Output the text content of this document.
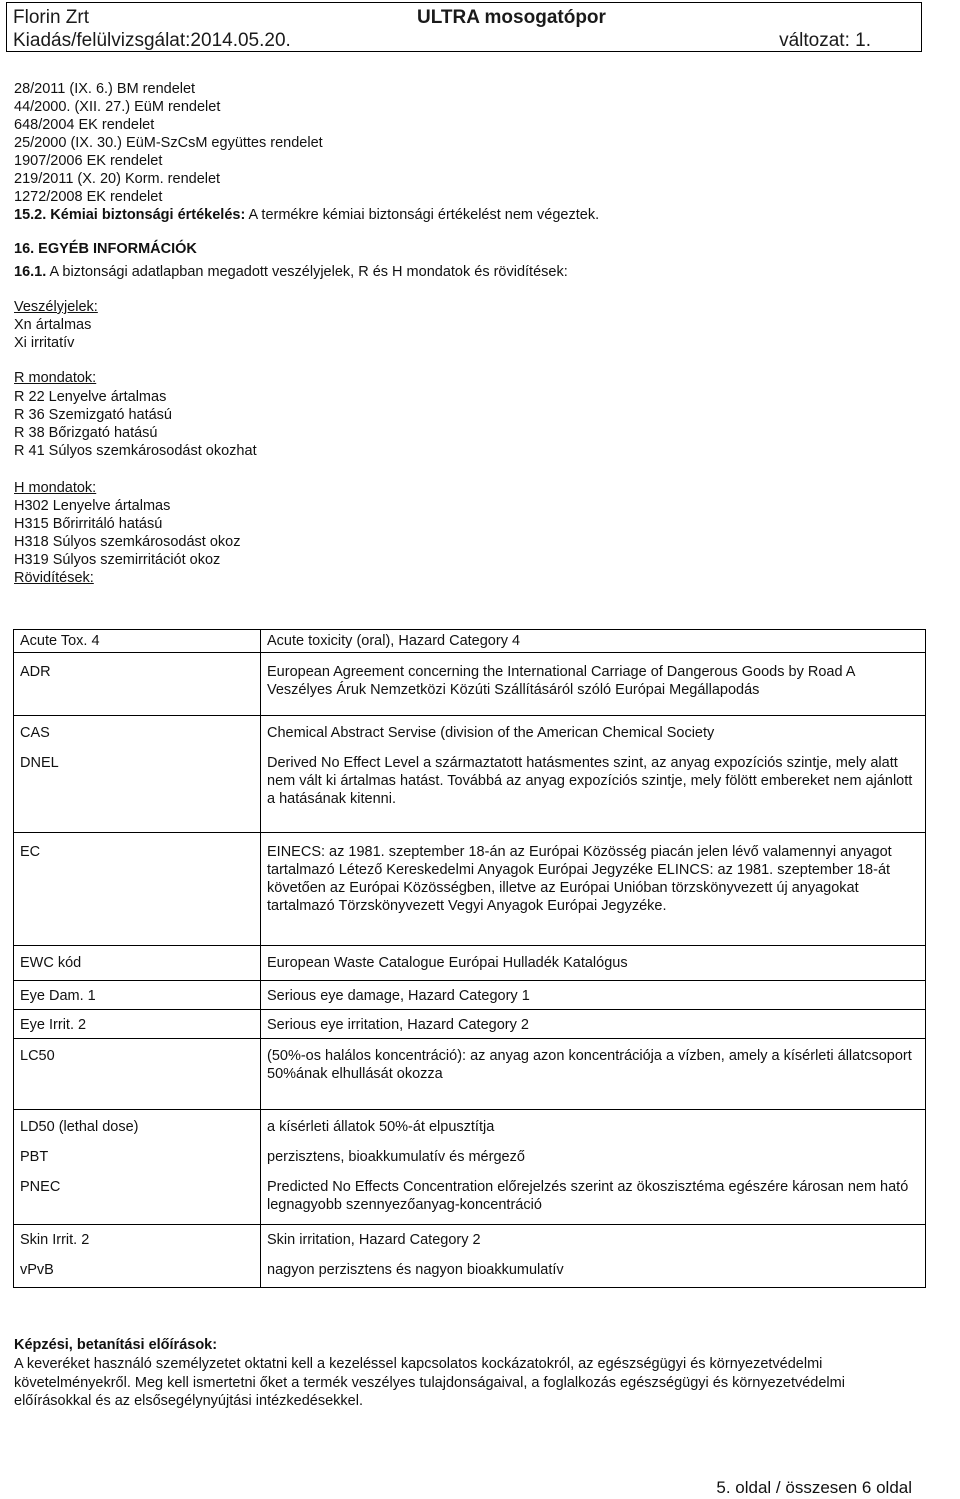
Florin Zrt	ULTRA mosogatópor
Kiadás/felülvizsgálat:2014.05.20.	változat: 1.
28/2011 (IX. 6.) BM rendelet
44/2000. (XII. 27.) EüM rendelet
648/2004 EK rendelet
25/2000 (IX. 30.) EüM-SzCsM együttes rendelet
1907/2006 EK rendelet
219/2011 (X. 20) Korm. rendelet
1272/2008 EK rendelet
15.2. Kémiai biztonsági értékelés: A termékre kémiai biztonsági értékelést nem végeztek.
16. EGYÉB INFORMÁCIÓK
16.1. A biztonsági adatlapban megadott veszélyjelek, R és H mondatok és rövidítések:
Veszélyjelek:
Xn ártalmas
Xi irritatív
R mondatok:
R 22 Lenyelve ártalmas
R 36 Szemizgató hatású
R 38 Bőrizgató hatású
R 41 Súlyos szemkárosodást okozhat
H mondatok:
H302 Lenyelve ártalmas
H315 Bőrirritáló hatású
H318 Súlyos szemkárosodást okoz
H319 Súlyos szemirritációt okoz
Rövidítések:
Acute Tox. 4	Acute toxicity (oral), Hazard Category 4
ADR	European Agreement concerning the International Carriage of Dangerous Goods by Road A Veszélyes Áruk Nemzetközi Közúti Szállításáról szóló Európai Megállapodás
CAS	Chemical Abstract Servise (division of the American Chemical Society
DNEL	Derived No Effect Level a származtatott hatásmentes szint, az anyag expozíciós szintje, mely alatt nem vált ki ártalmas hatást. Továbbá az anyag expozíciós szintje, mely fölött embereket nem ajánlott a hatásának kitenni.
EC	EINECS: az 1981. szeptember 18-án az Európai Közösség piacán jelen lévő valamennyi anyagot tartalmazó Létező Kereskedelmi Anyagok Európai Jegyzéke ELINCS: az 1981. szeptember 18-át követően az Európai Közösségben, illetve az Európai Unióban törzskönyvezett új anyagokat tartalmazó Törzskönyvezett Vegyi Anyagok Európai Jegyzéke.
EWC kód	European Waste Catalogue Európai Hulladék Katalógus
Eye Dam. 1	Serious eye damage, Hazard Category 1
Eye Irrit. 2	Serious eye irritation, Hazard Category 2
LC50	(50%-os halálos koncentráció): az anyag azon koncentrációja a vízben, amely a kísérleti állatcsoport 50%ának elhullását okozza
LD50 (lethal dose)	a kísérleti állatok 50%-át elpusztítja
PBT	perzisztens, bioakkumulatív és mérgező
PNEC	Predicted No Effects Concentration előrejelzés szerint az ökoszisztéma egészére károsan nem ható legnagyobb szennyezőanyag-koncentráció
Skin Irrit. 2	Skin irritation, Hazard Category 2
vPvB	nagyon perzisztens és nagyon bioakkumulatív
Képzési, betanítási előírások:
A keveréket használó személyzetet oktatni kell a kezeléssel kapcsolatos kockázatokról, az egészségügyi és környezetvédelmi követelményekről. Meg kell ismertetni őket a termék veszélyes tulajdonságaival, a foglalkozás egészségügyi és környezetvédelmi előírásokkal és az elsősegélynyújtási intézkedésekkel.
5. oldal / összesen 6 oldal
